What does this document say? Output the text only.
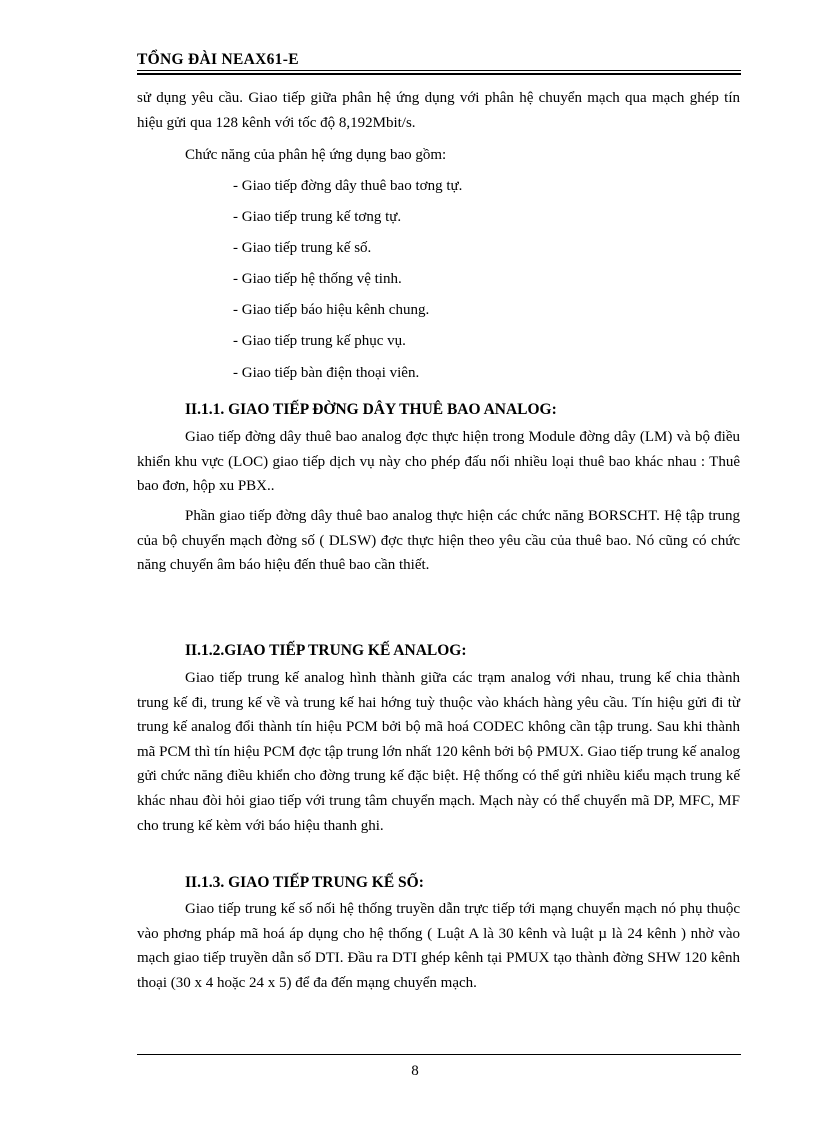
TỔNG ĐÀI NEAX61-E

sử dụng yêu cầu. Giao tiếp giữa phân hệ ứng dụng với phân hệ chuyển mạch qua mạch ghép tín hiệu gửi qua 128 kênh với tốc độ 8,192Mbit/s.

Chức năng của phân hệ ứng dụng bao gồm:
- Giao tiếp đờng dây thuê bao tơng tự.
- Giao tiếp trung kế tơng tự.
- Giao tiếp trung kế số.
- Giao tiếp hệ thống vệ tinh.
- Giao tiếp báo hiệu kênh chung.
- Giao tiếp trung kế phục vụ.
- Giao tiếp bàn điện thoại viên.
II.1.1. GIAO TIẾP ĐỜNG DÂY THUÊ BAO ANALOG:

Giao tiếp đờng dây thuê bao analog đợc thực hiện trong Module đờng dây (LM) và bộ điều khiển khu vực (LOC) giao tiếp dịch vụ này cho phép đấu nối nhiều loại thuê bao khác nhau : Thuê bao đơn, hộp xu PBX..

Phần giao tiếp đờng dây thuê bao analog thực hiện các chức năng BORSCHT. Hệ tập trung của bộ chuyển mạch đờng số ( DLSW) đợc thực hiện theo yêu cầu của thuê bao. Nó cũng có chức năng chuyển âm báo hiệu đến thuê bao cần thiết.

II.1.2.GIAO TIẾP TRUNG KẾ ANALOG:

Giao tiếp trung kế analog hình thành giữa các trạm analog với nhau, trung kế chia thành trung kế đi, trung kế về và trung kế hai hớng tuỳ thuộc vào khách hàng yêu cầu. Tín hiệu gửi đi từ trung kế analog đổi thành tín hiệu PCM bởi bộ mã hoá CODEC không cần tập trung. Sau khi thành mã PCM thì tín hiệu PCM đợc tập trung lớn nhất 120 kênh bởi bộ PMUX. Giao tiếp trung kế analog gửi chức năng điều khiển cho đờng trung kế đặc biệt. Hệ thống có thể gửi nhiều kiểu mạch trung kế khác nhau đòi hỏi giao tiếp với trung tâm chuyển mạch. Mạch này có thể chuyển mã DP, MFC, MF cho trung kế kèm với báo hiệu thanh ghi.

II.1.3. GIAO TIẾP TRUNG KẾ SỐ:

Giao tiếp trung kế số nối hệ thống truyền dẫn trực tiếp tới mạng chuyển mạch nó phụ thuộc vào phơng pháp mã hoá áp dụng cho hệ thống ( Luật A là 30 kênh và luật µ là 24 kênh ) nhờ vào mạch giao tiếp truyền dẫn số DTI. Đầu ra DTI ghép kênh tại PMUX tạo thành đờng SHW 120 kênh thoại (30 x 4 hoặc 24 x 5) để đa đến mạng chuyển mạch.

8
